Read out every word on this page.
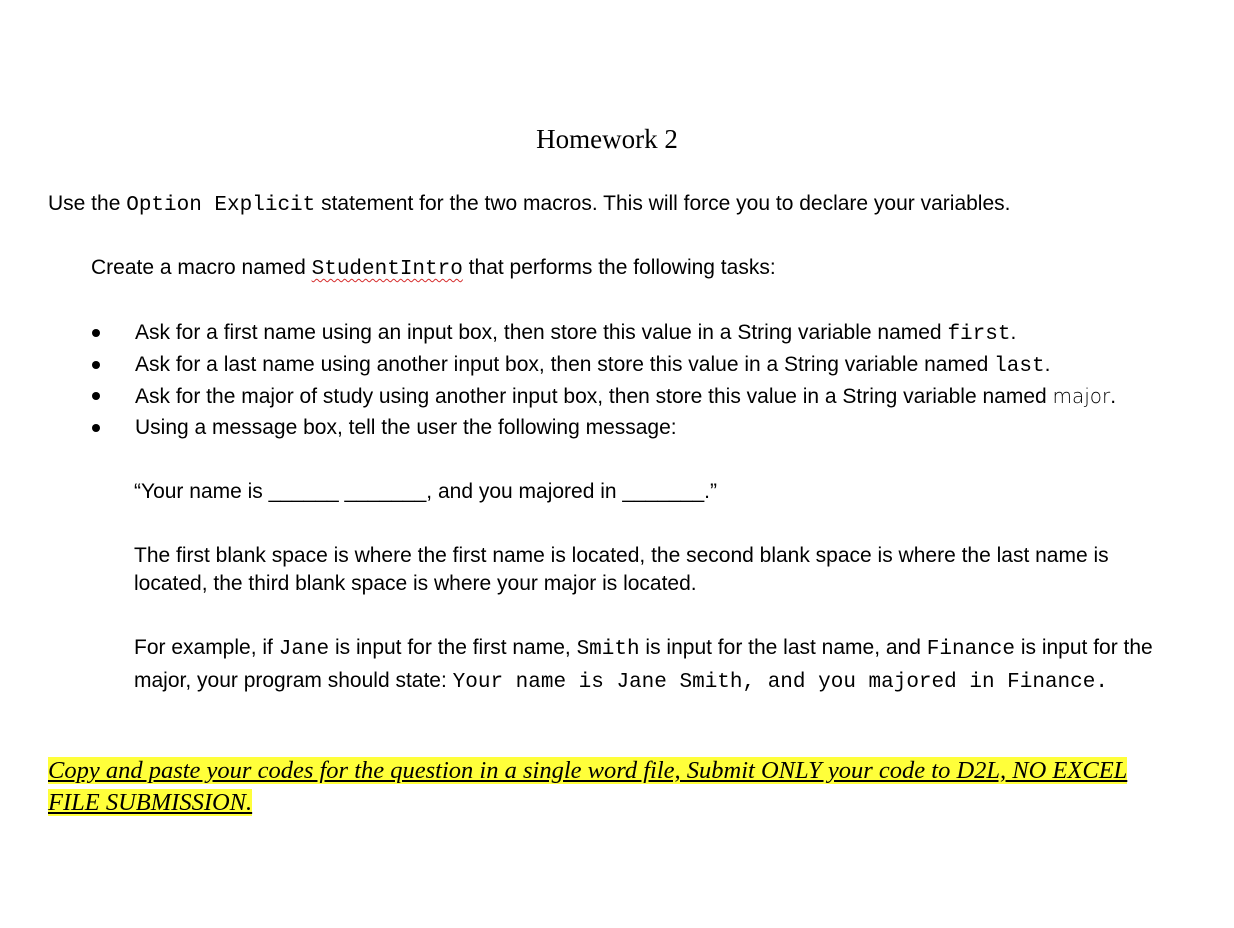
Homework 2
Use the Option Explicit statement for the two macros. This will force you to declare your variables.
Create a macro named StudentIntro that performs the following tasks:
Ask for a first name using an input box, then store this value in a String variable named first.
Ask for a last name using another input box, then store this value in a String variable named last.
Ask for the major of study using another input box, then store this value in a String variable named major.
Using a message box, tell the user the following message:
“Your name is ______ _______, and you majored in _______.”
The first blank space is where the first name is located, the second blank space is where the last name is located, the third blank space is where your major is located.
For example, if Jane is input for the first name, Smith is input for the last name, and Finance is input for the major, your program should state: Your name is Jane Smith, and you majored in Finance.
Copy and paste your codes for the question in a single word file, Submit ONLY your code to D2L, NO EXCEL FILE SUBMISSION.
